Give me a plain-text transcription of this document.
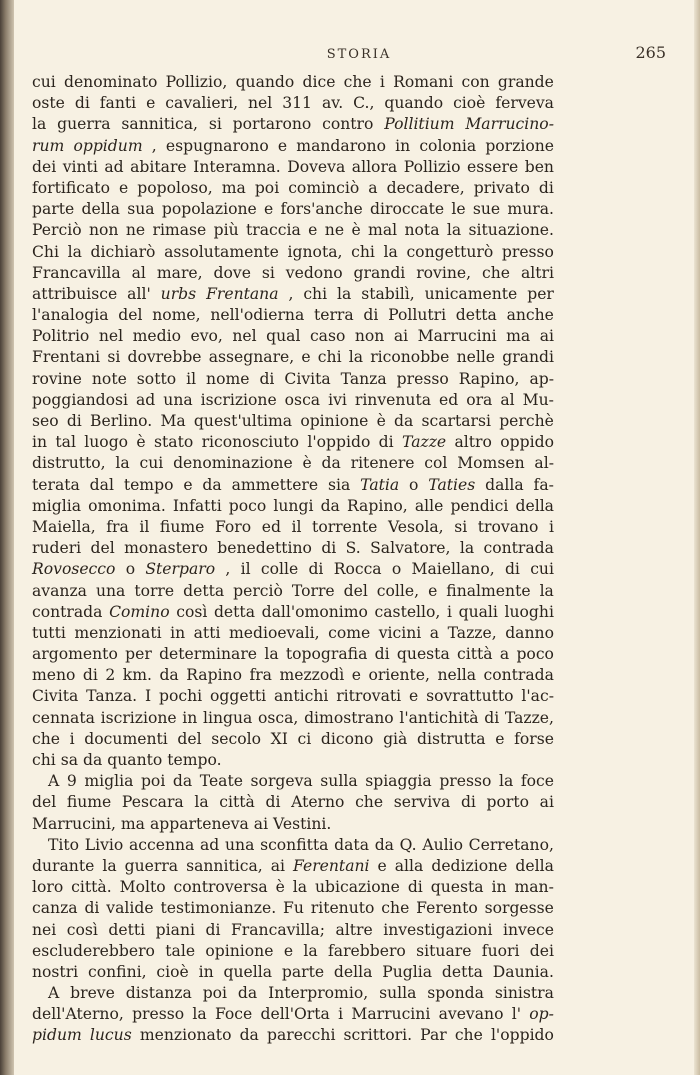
STORIA	265
cui denominato Pollizio, quando dice che i Romani con grande
oste di fanti e cavalieri, nel 311 av. C., quando cioè ferveva
la guerra sannitica, si portarono contro Pollitium Marrucino-
rum oppidum , espugnarono e mandarono in colonia porzione
dei vinti ad abitare Interamna. Doveva allora Pollizio essere ben
fortificato e popoloso, ma poi cominciò a decadere, privato di
parte della sua popolazione e fors'anche diroccate le sue mura.
Perciò non ne rimase più traccia e ne è mal nota la situazione.
Chi la dichiarò assolutamente ignota, chi la congetturò presso
Francavilla al mare, dove si vedono grandi rovine, che altri
attribuisce all' urbs Frentana , chi la stabilì, unicamente per
l'analogia del nome, nell'odierna terra di Pollutri detta anche
Politrio nel medio evo, nel qual caso non ai Marrucini ma ai
Frentani si dovrebbe assegnare, e chi la riconobbe nelle grandi
rovine note sotto il nome di Civita Tanza presso Rapino, ap-
poggiandosi ad una iscrizione osca ivi rinvenuta ed ora al Mu-
seo di Berlino. Ma quest'ultima opinione è da scartarsi perchè
in tal luogo è stato riconosciuto l'oppido di Tazze altro oppido
distrutto, la cui denominazione è da ritenere col Momsen al-
terata dal tempo e da ammettere sia Tatia o Taties dalla fa-
miglia omonima. Infatti poco lungi da Rapino, alle pendici della
Maiella, fra il fiume Foro ed il torrente Vesola, si trovano i
ruderi del monastero benedettino di S. Salvatore, la contrada
Rovosecco o Sterparo , il colle di Rocca o Maiellano, di cui
avanza una torre detta perciò Torre del colle, e finalmente la
contrada Comino così detta dall'omonimo castello, i quali luoghi
tutti menzionati in atti medioevali, come vicini a Tazze, danno
argomento per determinare la topografia di questa città a poco
meno di 2 km. da Rapino fra mezzodì e oriente, nella contrada
Civita Tanza. I pochi oggetti antichi ritrovati e sovrattutto l'ac-
cennata iscrizione in lingua osca, dimostrano l'antichità di Tazze,
che i documenti del secolo XI ci dicono già distrutta e forse
chi sa da quanto tempo.
A 9 miglia poi da Teate sorgeva sulla spiaggia presso la foce
del fiume Pescara la città di Aterno che serviva di porto ai
Marrucini, ma apparteneva ai Vestini.
Tito Livio accenna ad una sconfitta data da Q. Aulio Cerretano,
durante la guerra sannitica, ai Ferentani e alla dedizione della
loro città. Molto controversa è la ubicazione di questa in man-
canza di valide testimonianze. Fu ritenuto che Ferento sorgesse
nei così detti piani di Francavilla; altre investigazioni invece
escluderebbero tale opinione e la farebbero situare fuori dei
nostri confini, cioè in quella parte della Puglia detta Daunia.
A breve distanza poi da Interpromio, sulla sponda sinistra
dell'Aterno, presso la Foce dell'Orta i Marrucini avevano l' op-
pidum lucus menzionato da parecchi scrittori. Par che l'oppido
